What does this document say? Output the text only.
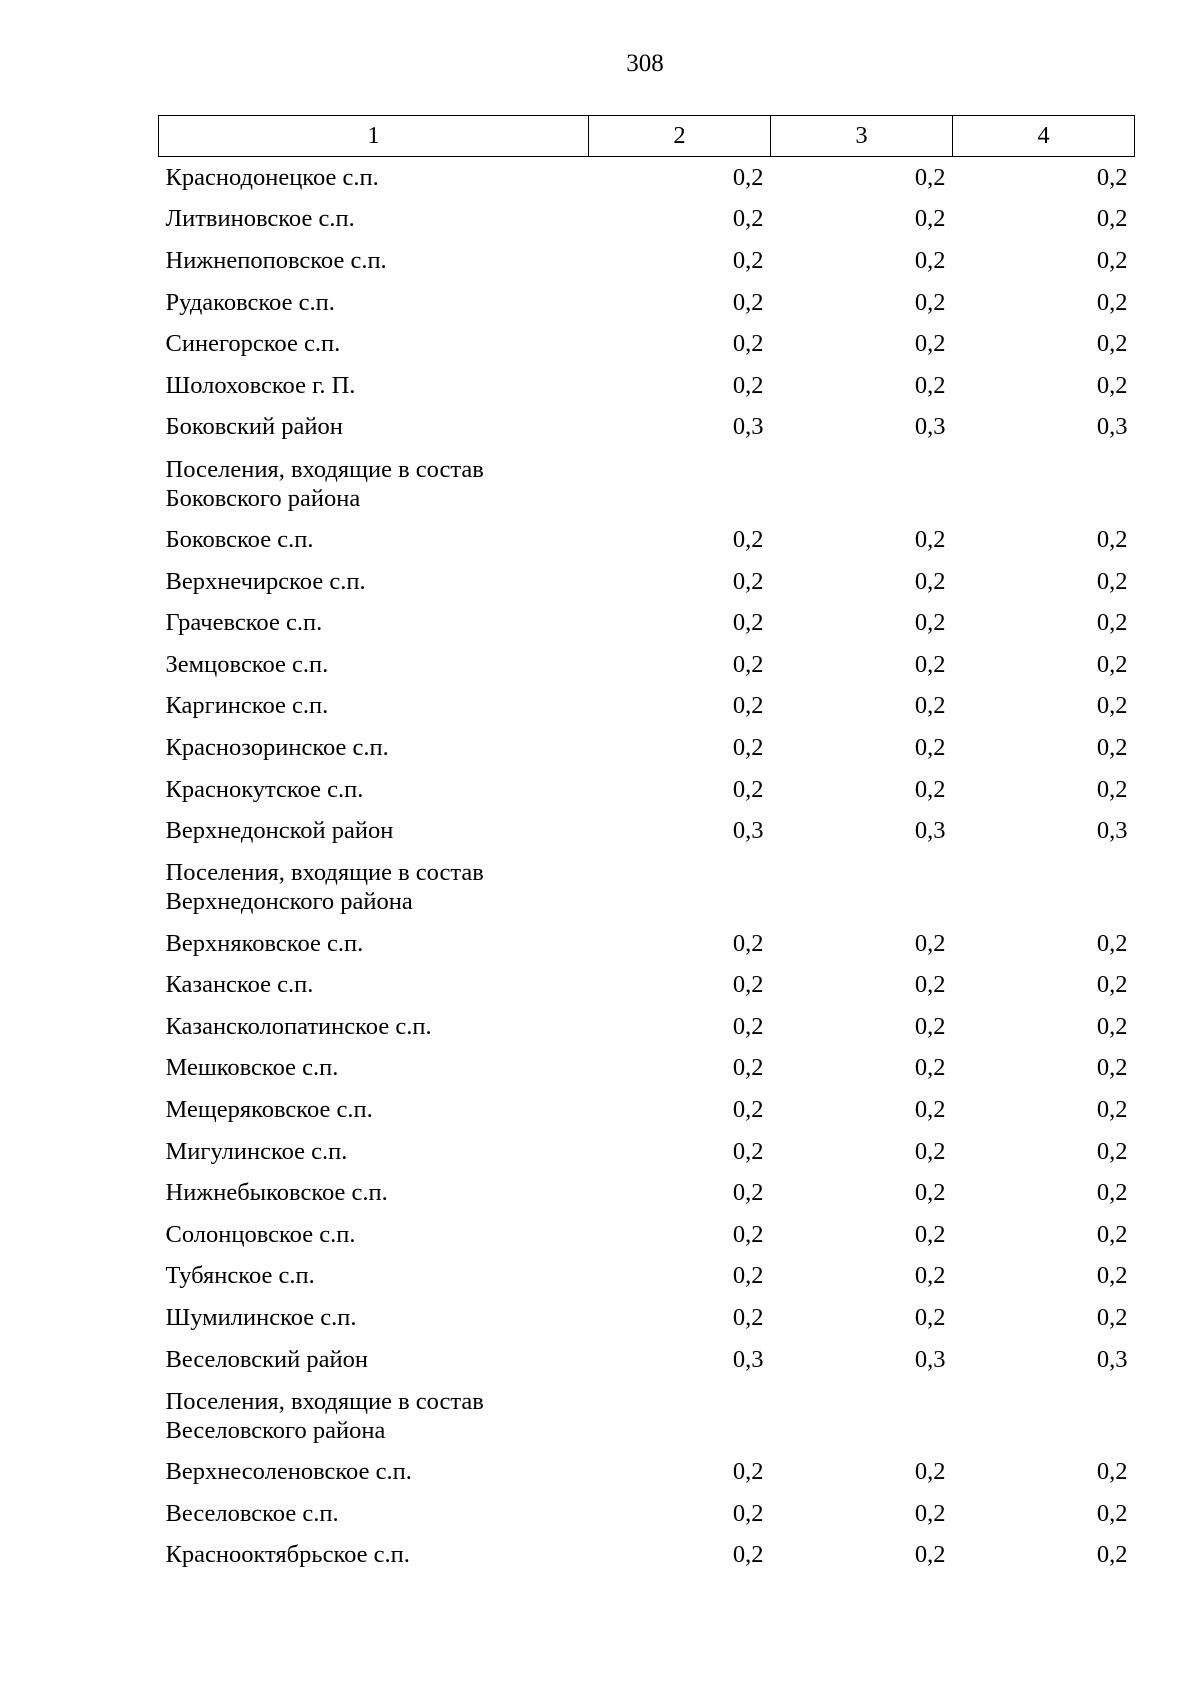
308
1	2	3	4
Краснодонецкое с.п.	0,2	0,2	0,2
Литвиновское с.п.	0,2	0,2	0,2
Нижнепоповское с.п.	0,2	0,2	0,2
Рудаковское с.п.	0,2	0,2	0,2
Синегорское с.п.	0,2	0,2	0,2
Шолоховское г. П.	0,2	0,2	0,2
Боковский район	0,3	0,3	0,3
Поселения, входящие в состав
Боковского района			
Боковское с.п.	0,2	0,2	0,2
Верхнечирское с.п.	0,2	0,2	0,2
Грачевское с.п.	0,2	0,2	0,2
Земцовское с.п.	0,2	0,2	0,2
Каргинское с.п.	0,2	0,2	0,2
Краснозоринское с.п.	0,2	0,2	0,2
Краснокутское с.п.	0,2	0,2	0,2
Верхнедонской район	0,3	0,3	0,3
Поселения, входящие в состав
Верхнедонского района			
Верхняковское с.п.	0,2	0,2	0,2
Казанское с.п.	0,2	0,2	0,2
Казансколопатинское с.п.	0,2	0,2	0,2
Мешковское с.п.	0,2	0,2	0,2
Мещеряковское с.п.	0,2	0,2	0,2
Мигулинское с.п.	0,2	0,2	0,2
Нижнебыковское с.п.	0,2	0,2	0,2
Солонцовское с.п.	0,2	0,2	0,2
Тубянское с.п.	0,2	0,2	0,2
Шумилинское с.п.	0,2	0,2	0,2
Веселовский район	0,3	0,3	0,3
Поселения, входящие в состав
Веселовского района			
Верхнесоленовское с.п.	0,2	0,2	0,2
Веселовское с.п.	0,2	0,2	0,2
Краснооктябрьское с.п.	0,2	0,2	0,2
